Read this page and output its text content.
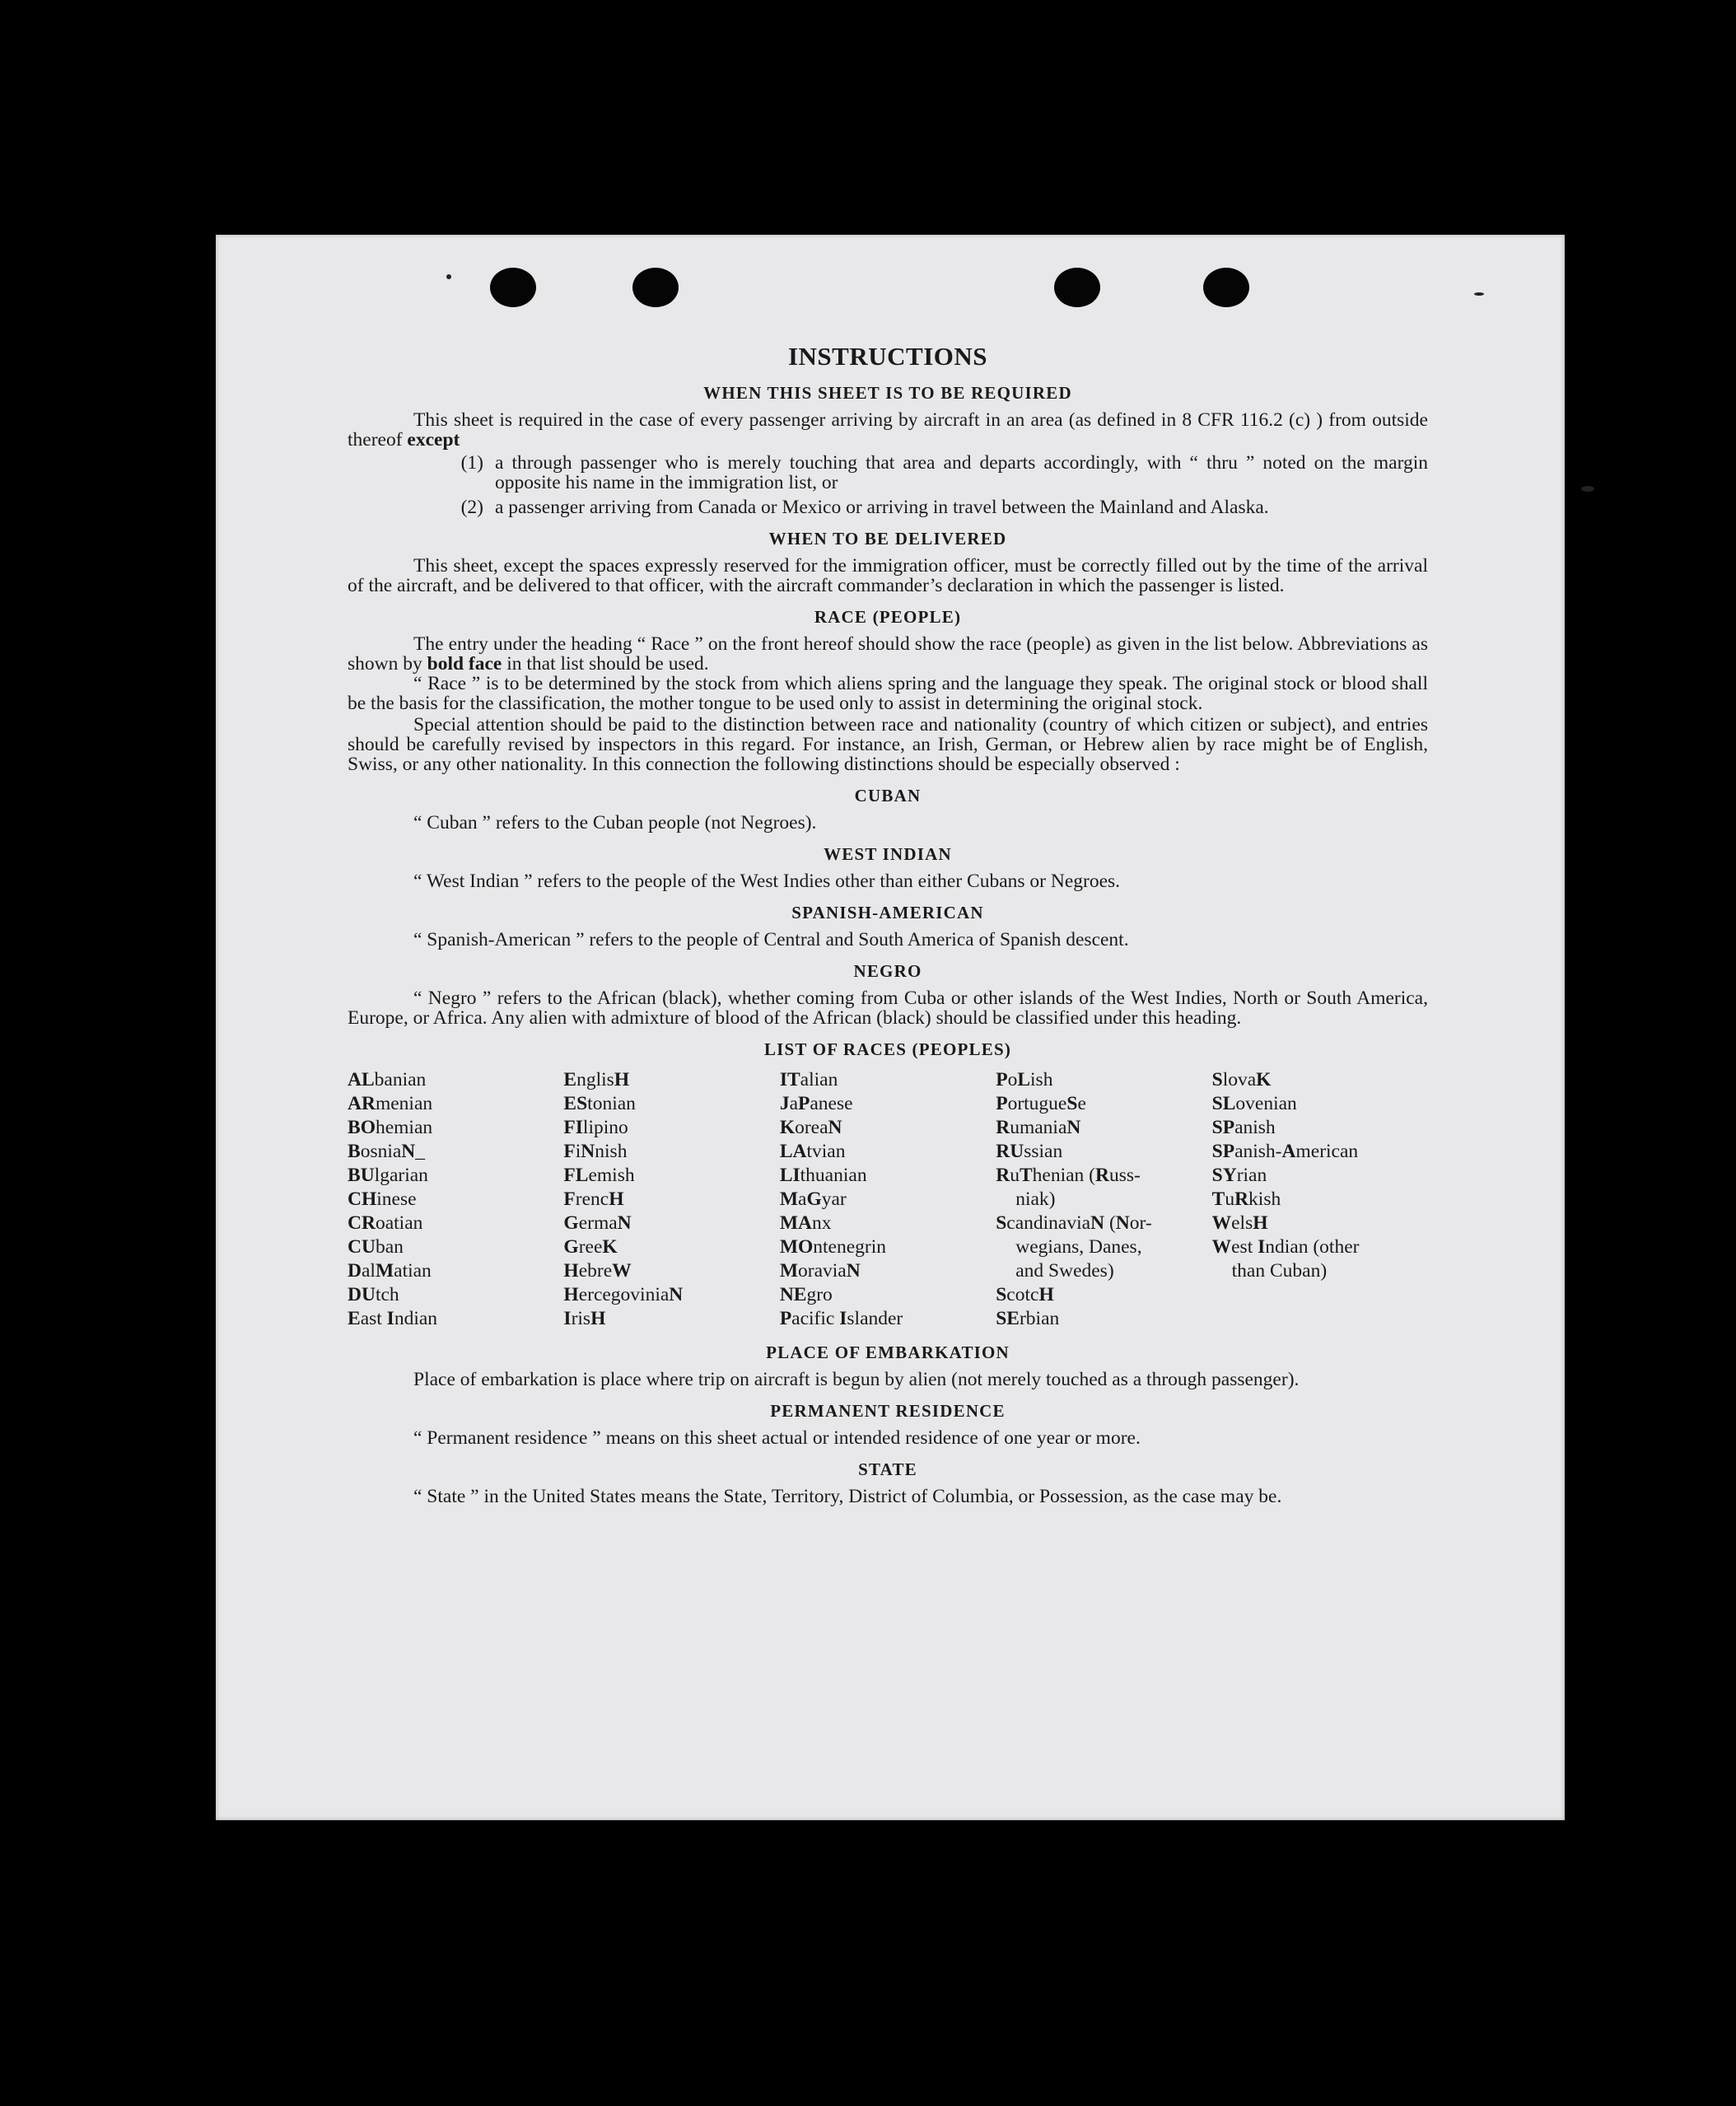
INSTRUCTIONS
WHEN THIS SHEET IS TO BE REQUIRED

This sheet is required in the case of every passenger arriving by aircraft in an area (as defined in 8 CFR 116.2 (c) ) from outside thereof except

(1) a through passenger who is merely touching that area and departs accordingly, with “ thru ” noted on the margin opposite his name in the immigration list, or
(2) a passenger arriving from Canada or Mexico or arriving in travel between the Mainland and Alaska.
WHEN TO BE DELIVERED

This sheet, except the spaces expressly reserved for the immigration officer, must be correctly filled out by the time of the arrival of the aircraft, and be delivered to that officer, with the aircraft commander’s declaration in which the passenger is listed.

RACE (PEOPLE)

The entry under the heading “ Race ” on the front hereof should show the race (people) as given in the list below. Abbreviations as shown by bold face in that list should be used.

“ Race ” is to be determined by the stock from which aliens spring and the language they speak. The original stock or blood shall be the basis for the classification, the mother tongue to be used only to assist in determining the original stock.

Special attention should be paid to the distinction between race and nationality (country of which citizen or subject), and entries should be carefully revised by inspectors in this regard. For instance, an Irish, German, or Hebrew alien by race might be of English, Swiss, or any other nationality. In this connection the following distinctions should be especially observed :

CUBAN
“ Cuban ” refers to the Cuban people (not Negroes).
WEST INDIAN
“ West Indian ” refers to the people of the West Indies other than either Cubans or Negroes.
SPANISH-AMERICAN
“ Spanish-American ” refers to the people of Central and South America of Spanish descent.
NEGRO

“ Negro ” refers to the African (black), whether coming from Cuba or other islands of the West Indies, North or South America, Europe, or Africa. Any alien with admixture of blood of the African (black) should be classified under this heading.

LIST OF RACES (PEOPLES)
ALbanian
ARmenian
BOhemian
BosniaN_
BUlgarian
CHinese
CRoatian
CUban
DalMatian
DUtch
East Indian
EnglisH
EStonian
FIlipino
FiNnish
FLemish
FrencH
GermaN
GreeK
HebreW
HercegoviniaN
IrisH
ITalian
JaPanese
KoreaN
LAtvian
LIthuanian
MaGyar
MAnx
MOntenegrin
MoraviaN
NEgro
Pacific Islander
PoLish
PortugueSe
RumaniaN
RUssian
RuThenian (Russ-
niak)
ScandinaviaN (Nor-
wegians, Danes,
and Swedes)
ScotcH
SErbian
SlovaK
SLovenian
SPanish
SPanish-American
SYrian
TuRkish
WelsH
West Indian (other
than Cuban)
PLACE OF EMBARKATION

Place of embarkation is place where trip on aircraft is begun by alien (not merely touched as a through passenger).

PERMANENT RESIDENCE
“ Permanent residence ” means on this sheet actual or intended residence of one year or more.
STATE

“ State ” in the United States means the State, Territory, District of Columbia, or Possession, as the case may be.
